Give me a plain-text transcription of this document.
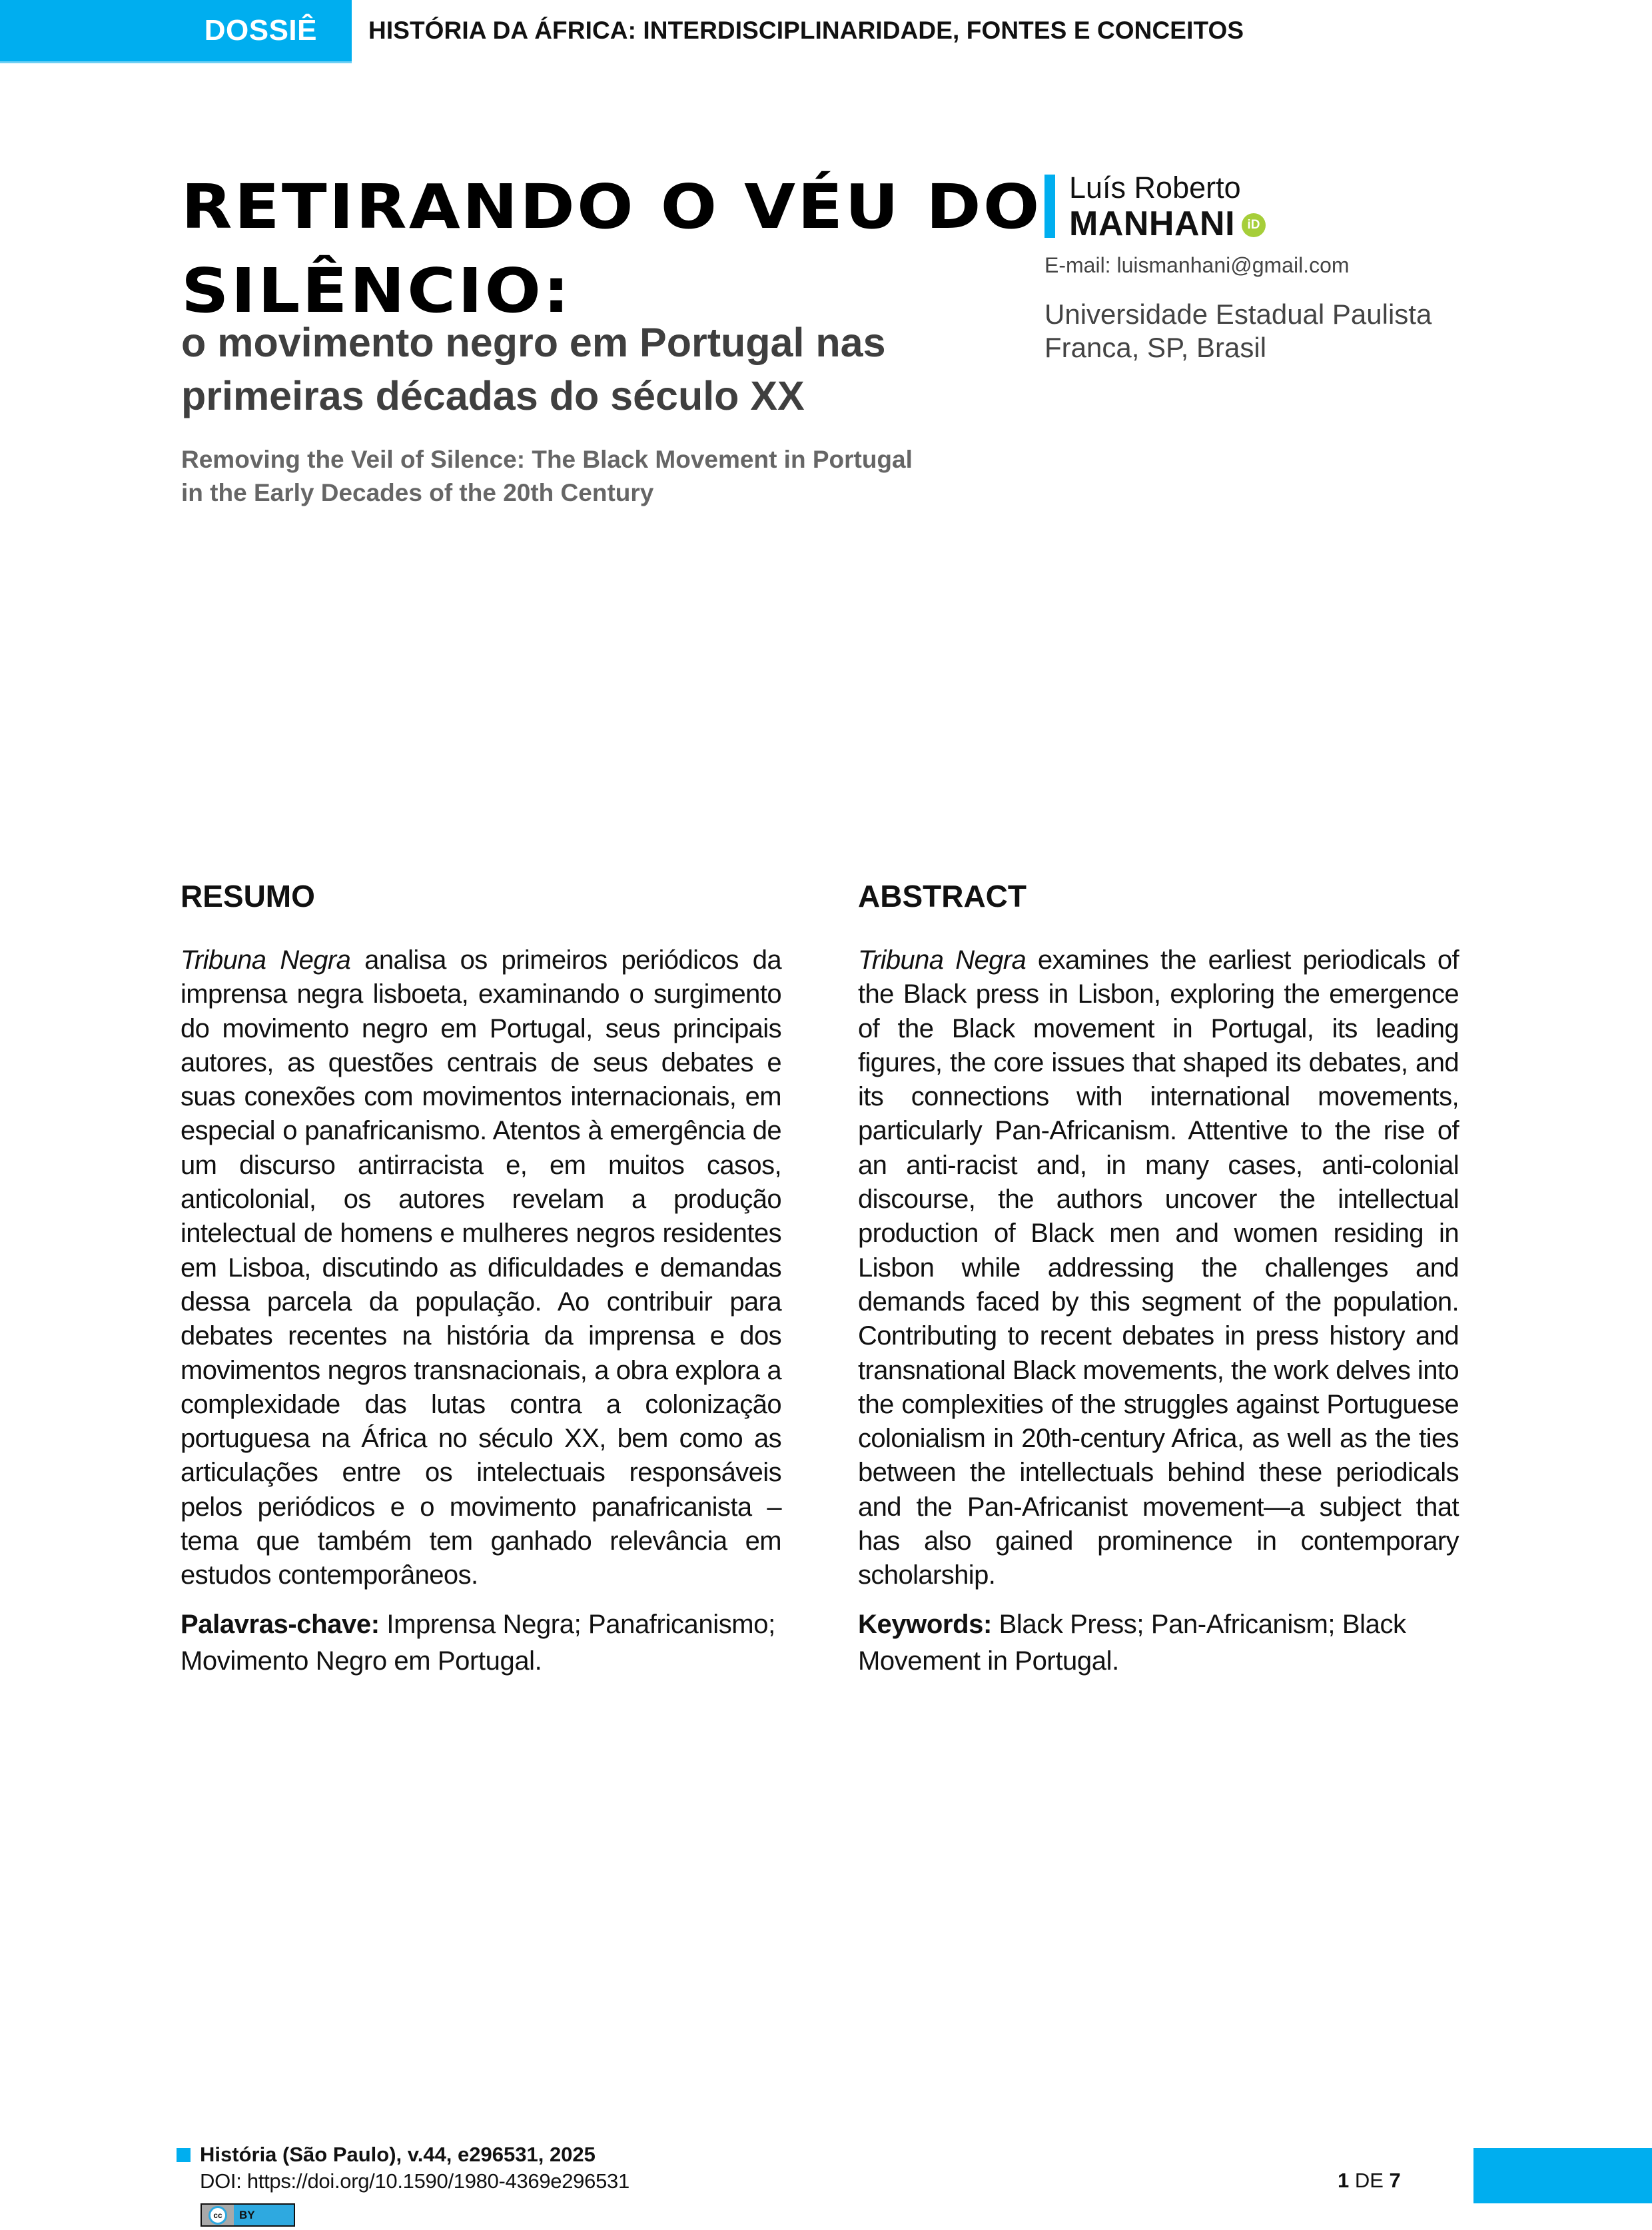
DOSSIÊ HISTÓRIA DA ÁFRICA: INTERDISCIPLINARIDADE, FONTES E CONCEITOS
RETIRANDO O VÉU DO
SILÊNCIO:
o movimento negro em Portugal nas
primeiras décadas do século XX
Removing the Veil of Silence: The Black Movement in Portugal
in the Early Decades of the 20th Century
Luís Roberto
MANHANI iD
E-mail: luismanhani@gmail.com
Universidade Estadual Paulista
Franca, SP, Brasil
RESUMO

Tribuna Negra analisa os primeiros periódicos da imprensa negra lisboeta, examinando o surgimento do movimento negro em Portugal, seus principais autores, as questões centrais de seus debates e suas conexões com movimentos internacionais, em especial o panafricanismo. Atentos à emergência de um discurso antirracista e, em muitos casos, anticolonial, os autores revelam a produção intelectual de homens e mulheres negros residentes em Lisboa, discutindo as dificuldades e demandas dessa parcela da população. Ao contribuir para debates recentes na história da imprensa e dos movimentos negros transnacionais, a obra explora a complexidade das lutas contra a colonização portuguesa na África no século XX, bem como as articulações entre os intelectuais responsáveis pelos periódicos e o movimento panafricanista – tema que também tem ganhado relevância em estudos contemporâneos.

Palavras-chave: Imprensa Negra; Panafricanismo; Movimento Negro em Portugal.

ABSTRACT

Tribuna Negra examines the earliest periodicals of the Black press in Lisbon, exploring the emergence of the Black movement in Portugal, its leading figures, the core issues that shaped its debates, and its connections with international movements, particularly Pan-Africanism. Attentive to the rise of an anti-racist and, in many cases, anti-colonial discourse, the authors uncover the intellectual production of Black men and women residing in Lisbon while addressing the challenges and demands faced by this segment of the population. Contributing to recent debates in press history and transnational Black movements, the work delves into the complexities of the struggles against Portuguese colonialism in 20th-century Africa, as well as the ties between the intellectuals behind these periodicals and the Pan-Africanist movement—a subject that has also gained prominence in contemporary scholarship.

Keywords: Black Press; Pan-Africanism; Black Movement in Portugal.

História (São Paulo), v.44, e296531, 2025
DOI: https://doi.org/10.1590/1980-4369e296531
cc BY
1 DE 7
